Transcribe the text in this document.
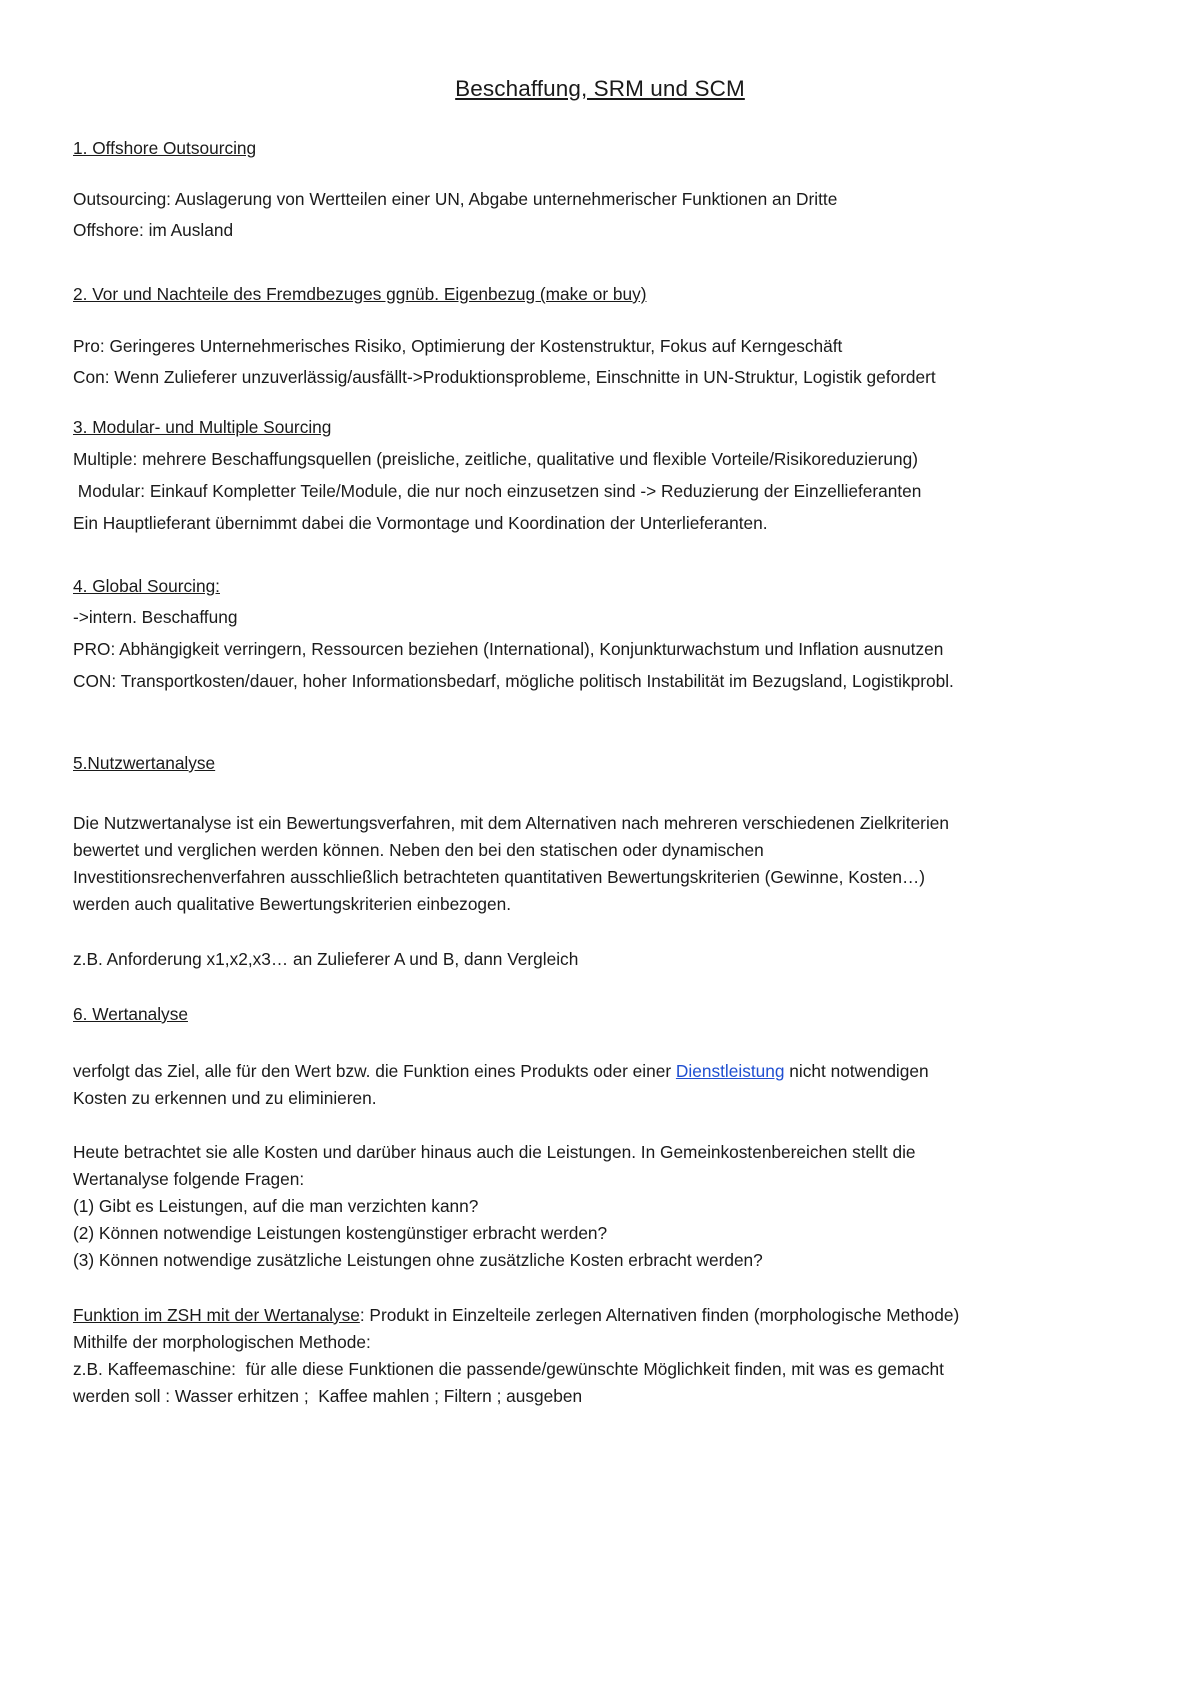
Beschaffung, SRM und SCM
1. Offshore Outsourcing
Outsourcing: Auslagerung von Wertteilen einer UN, Abgabe unternehmerischer Funktionen an Dritte
Offshore: im Ausland
2. Vor und Nachteile des Fremdbezuges ggnüb. Eigenbezug (make or buy)
Pro: Geringeres Unternehmerisches Risiko, Optimierung der Kostenstruktur, Fokus auf Kerngeschäft
Con: Wenn Zulieferer unzuverlässig/ausfällt->Produktionsprobleme, Einschnitte in UN-Struktur, Logistik gefordert
3. Modular- und Multiple Sourcing
Multiple: mehrere Beschaffungsquellen (preisliche, zeitliche, qualitative und flexible Vorteile/Risikoreduzierung)
Modular: Einkauf Kompletter Teile/Module, die nur noch einzusetzen sind -> Reduzierung der Einzellieferanten
Ein Hauptlieferant übernimmt dabei die Vormontage und Koordination der Unterlieferanten.
4. Global Sourcing:
->intern. Beschaffung
PRO: Abhängigkeit verringern, Ressourcen beziehen (International), Konjunkturwachstum und Inflation ausnutzen
CON: Transportkosten/dauer, hoher Informationsbedarf, mögliche politisch Instabilität im Bezugsland, Logistikprobl.
5.Nutzwertanalyse
Die Nutzwertanalyse ist ein Bewertungsverfahren, mit dem Alternativen nach mehreren verschiedenen Zielkriterien
bewertet und verglichen werden können. Neben den bei den statischen oder dynamischen
Investitionsrechenverfahren ausschließlich betrachteten quantitativen Bewertungskriterien (Gewinne, Kosten…)
werden auch qualitative Bewertungskriterien einbezogen.
z.B. Anforderung x1,x2,x3… an Zulieferer A und B, dann Vergleich
6. Wertanalyse
verfolgt das Ziel, alle für den Wert bzw. die Funktion eines Produkts oder einer Dienstleistung nicht notwendigen
Kosten zu erkennen und zu eliminieren.
Heute betrachtet sie alle Kosten und darüber hinaus auch die Leistungen. In Gemeinkostenbereichen stellt die
Wertanalyse folgende Fragen:
(1) Gibt es Leistungen, auf die man verzichten kann?
(2) Können notwendige Leistungen kostengünstiger erbracht werden?
(3) Können notwendige zusätzliche Leistungen ohne zusätzliche Kosten erbracht werden?
Funktion im ZSH mit der Wertanalyse: Produkt in Einzelteile zerlegen Alternativen finden (morphologische Methode)
Mithilfe der morphologischen Methode:
z.B. Kaffeemaschine:  für alle diese Funktionen die passende/gewünschte Möglichkeit finden, mit was es gemacht
werden soll : Wasser erhitzen ;  Kaffee mahlen ; Filtern ; ausgeben
